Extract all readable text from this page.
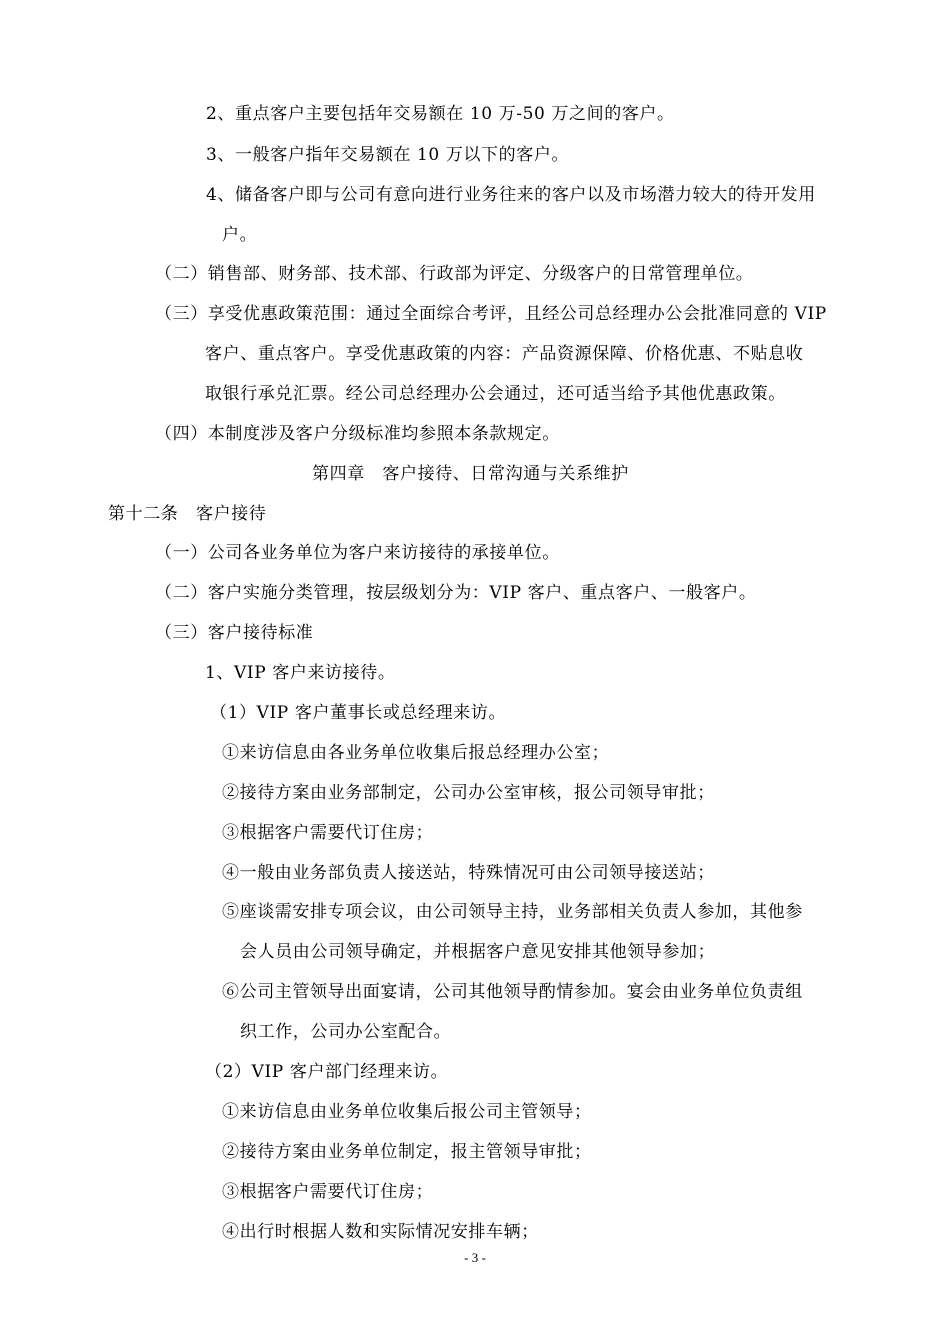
2、重点客户主要包括年交易额在 10 万-50 万之间的客户。
3、一般客户指年交易额在 10 万以下的客户。
4、储备客户即与公司有意向进行业务往来的客户以及市场潜力较大的待开发用
户。
（二）销售部、财务部、技术部、行政部为评定、分级客户的日常管理单位。
（三）享受优惠政策范围：通过全面综合考评，且经公司总经理办公会批准同意的 VIP
客户、重点客户。享受优惠政策的内容：产品资源保障、价格优惠、不贴息收
取银行承兑汇票。经公司总经理办公会通过，还可适当给予其他优惠政策。
（四）本制度涉及客户分级标准均参照本条款规定。
第四章　客户接待、日常沟通与关系维护
第十二条　客户接待
（一）公司各业务单位为客户来访接待的承接单位。
（二）客户实施分类管理，按层级划分为：VIP 客户、重点客户、一般客户。
（三）客户接待标准
1、VIP 客户来访接待。
（1）VIP 客户董事长或总经理来访。
①来访信息由各业务单位收集后报总经理办公室；
②接待方案由业务部制定，公司办公室审核，报公司领导审批；
③根据客户需要代订住房；
④一般由业务部负责人接送站，特殊情况可由公司领导接送站；
⑤座谈需安排专项会议，由公司领导主持，业务部相关负责人参加，其他参
会人员由公司领导确定，并根据客户意见安排其他领导参加；
⑥公司主管领导出面宴请，公司其他领导酌情参加。宴会由业务单位负责组
织工作，公司办公室配合。
（2）VIP 客户部门经理来访。
①来访信息由业务单位收集后报公司主管领导；
②接待方案由业务单位制定，报主管领导审批；
③根据客户需要代订住房；
④出行时根据人数和实际情况安排车辆；
- 3 -
